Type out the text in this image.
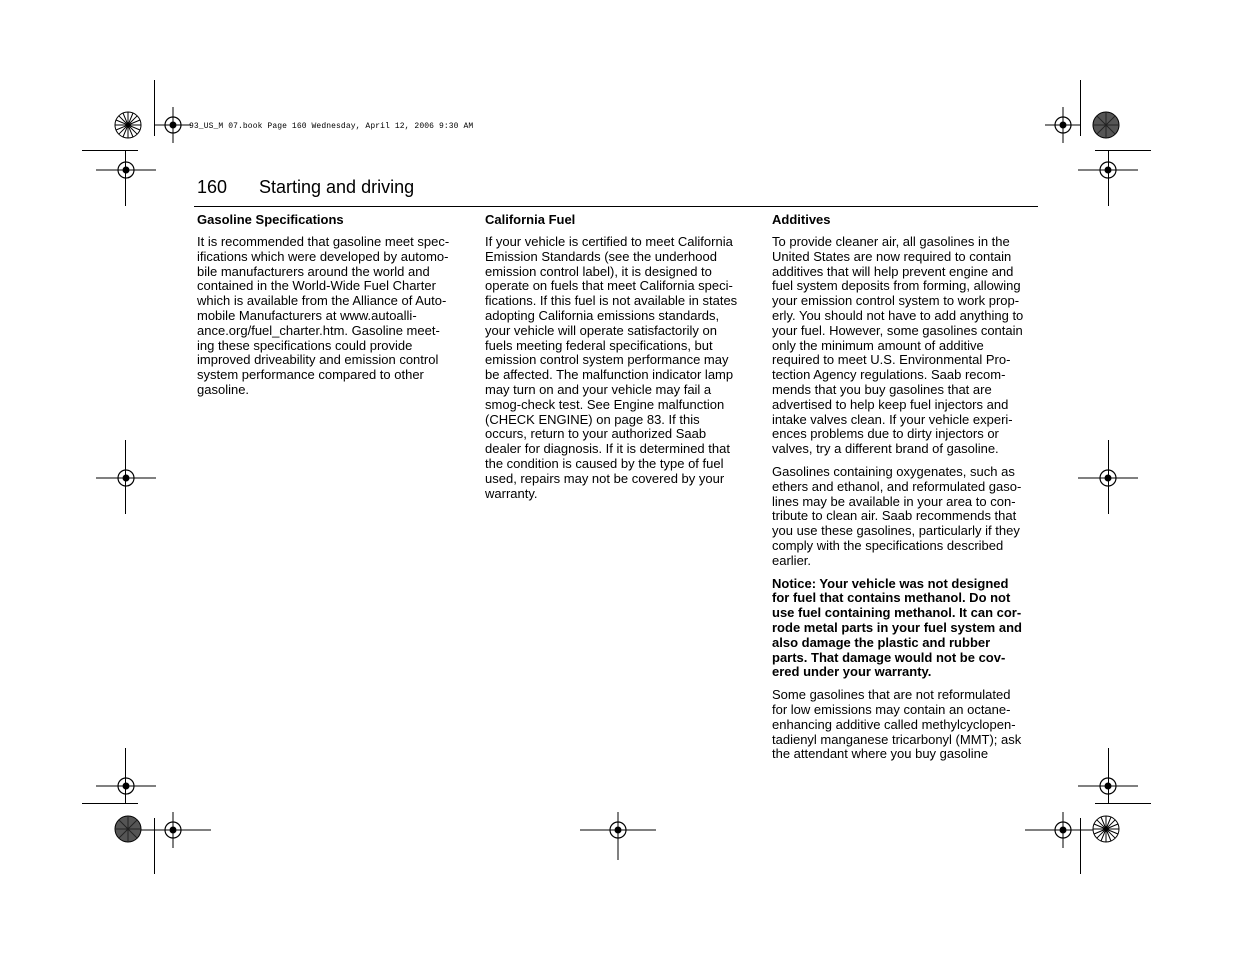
93_US_M 07.book Page 160 Wednesday, April 12, 2006 9:30 AM
160 Starting and driving
Gasoline Specifications

It is recommended that gasoline meet spec-
ifications which were developed by automo-
bile manufacturers around the world and
contained in the World-Wide Fuel Charter
which is available from the Alliance of Auto-
mobile Manufacturers at www.autoalli-
ance.org/fuel_charter.htm. Gasoline meet-
ing these specifications could provide
improved driveability and emission control
system performance compared to other
gasoline.

California Fuel

If your vehicle is certified to meet California
Emission Standards (see the underhood
emission control label), it is designed to
operate on fuels that meet California speci-
fications. If this fuel is not available in states
adopting California emissions standards,
your vehicle will operate satisfactorily on
fuels meeting federal specifications, but
emission control system performance may
be affected. The malfunction indicator lamp
may turn on and your vehicle may fail a
smog-check test. See Engine malfunction
(CHECK ENGINE) on page 83. If this
occurs, return to your authorized Saab
dealer for diagnosis. If it is determined that
the condition is caused by the type of fuel
used, repairs may not be covered by your
warranty.

Additives

To provide cleaner air, all gasolines in the
United States are now required to contain
additives that will help prevent engine and
fuel system deposits from forming, allowing
your emission control system to work prop-
erly. You should not have to add anything to
your fuel. However, some gasolines contain
only the minimum amount of additive
required to meet U.S. Environmental Pro-
tection Agency regulations. Saab recom-
mends that you buy gasolines that are
advertised to help keep fuel injectors and
intake valves clean. If your vehicle experi-
ences problems due to dirty injectors or
valves, try a different brand of gasoline.

Gasolines containing oxygenates, such as
ethers and ethanol, and reformulated gaso-
lines may be available in your area to con-
tribute to clean air. Saab recommends that
you use these gasolines, particularly if they
comply with the specifications described
earlier.

Notice: Your vehicle was not designed
for fuel that contains methanol. Do not
use fuel containing methanol. It can cor-
rode metal parts in your fuel system and
also damage the plastic and rubber
parts. That damage would not be cov-
ered under your warranty.

Some gasolines that are not reformulated
for low emissions may contain an octane-
enhancing additive called methylcyclopen-
tadienyl manganese tricarbonyl (MMT); ask
the attendant where you buy gasoline
